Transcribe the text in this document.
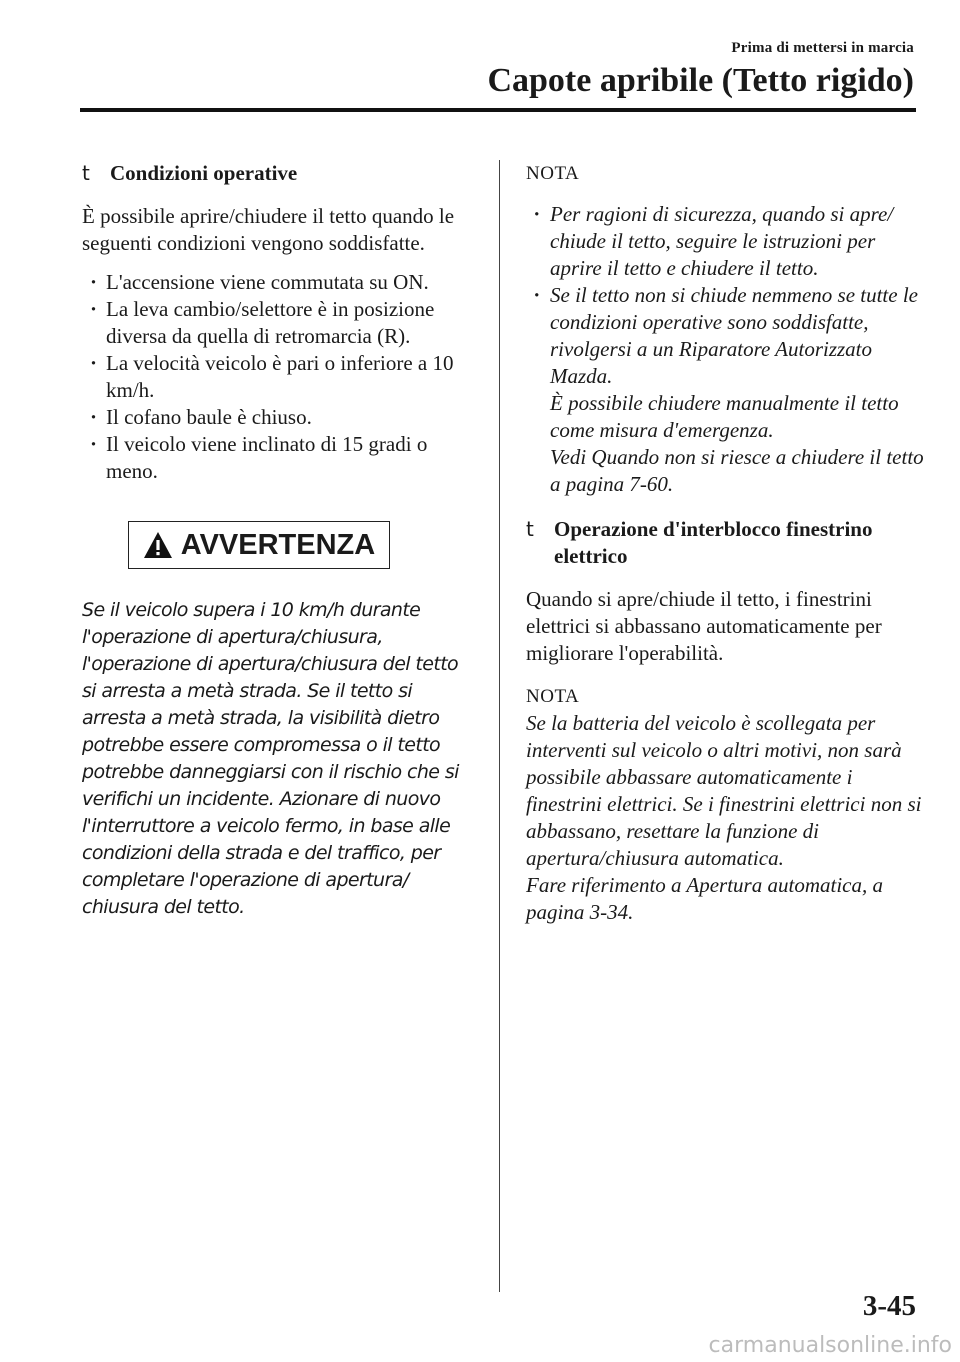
Prima di mettersi in marcia
Capote apribile (Tetto rigido)
t Condizioni operative

È possibile aprire/chiudere il tetto quando le seguenti condizioni vengono soddisfatte.

· L'accensione viene commutata su ON.
· La leva cambio/selettore è in posizione diversa da quella di retromarcia (R).
· La velocità veicolo è pari o inferiore a 10 km/h.
· Il cofano baule è chiuso.
· Il veicolo viene inclinato di 15 gradi o meno.
AVVERTENZA
Se il veicolo supera i 10 km/h durante l'operazione di apertura/chiusura, l'operazione di apertura/chiusura del tetto si arresta a metà strada. Se il tetto si arresta a metà strada, la visibilità dietro potrebbe essere compromessa o il tetto potrebbe danneggiarsi con il rischio che si verifichi un incidente. Azionare di nuovo l'interruttore a veicolo fermo, in base alle condizioni della strada e del traffico, per completare l'operazione di apertura/ chiusura del tetto.
NOTA
· Per ragioni di sicurezza, quando si apre/ chiude il tetto, seguire le istruzioni per aprire il tetto e chiudere il tetto.
· Se il tetto non si chiude nemmeno se tutte le condizioni operative sono soddisfatte, rivolgersi a un Riparatore Autorizzato Mazda.
È possibile chiudere manualmente il tetto come misura d'emergenza.
Vedi Quando non si riesce a chiudere il tetto a pagina 7-60.
t Operazione d'interblocco finestrino elettrico

Quando si apre/chiude il tetto, i finestrini elettrici si abbassano automaticamente per migliorare l'operabilità.

NOTA
Se la batteria del veicolo è scollegata per interventi sul veicolo o altri motivi, non sarà possibile abbassare automaticamente i finestrini elettrici. Se i finestrini elettrici non si abbassano, resettare la funzione di apertura/chiusura automatica.
Fare riferimento a Apertura automatica, a pagina 3-34.
3-45
carmanualsonline.info
